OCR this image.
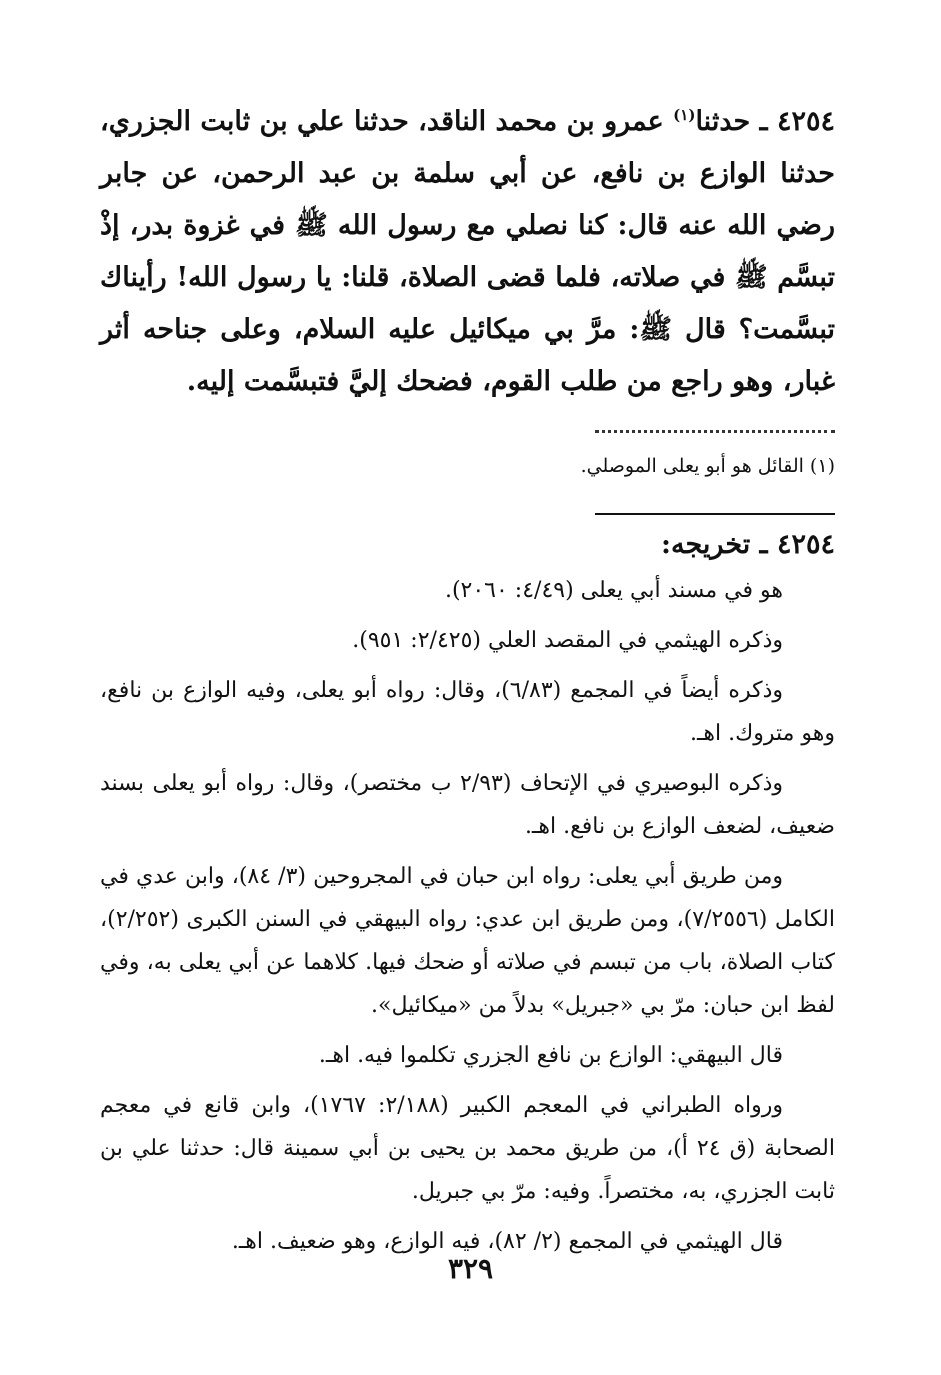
٤٢٥٤ ـ حدثنا$^{(١)}$ عمرو بن محمد الناقد، حدثنا علي بن ثابت الجزري، حدثنا الوازع بن نافع، عن أبي سلمة بن عبد الرحمن، عن جابر رضي الله عنه قال: كنا نصلي مع رسول الله ﷺ في غزوة بدر، إذْ تبسَّم ﷺ في صلاته، فلما قضى الصلاة، قلنا: يا رسول الله! رأيناك تبسَّمت؟ قال ﷺ: مرَّ بي ميكائيل عليه السلام، وعلى جناحه أثر غبار، وهو راجع من طلب القوم، فضحك إليَّ فتبسَّمت إليه.

(١) القائل هو أبو يعلى الموصلي.

٤٢٥٤ ـ تخريجه:

هو في مسند أبي يعلى (٤/٤٩: ٢٠٦٠).

وذكره الهيثمي في المقصد العلي (٢/٤٢٥: ٩٥١).

وذكره أيضاً في المجمع (٦/٨٣)، وقال: رواه أبو يعلى، وفيه الوازع بن نافع، وهو متروك. اهـ.

وذكره البوصيري في الإتحاف (٢/٩٣ ب مختصر)، وقال: رواه أبو يعلى بسند ضعيف، لضعف الوازع بن نافع. اهـ.

ومن طريق أبي يعلى: رواه ابن حبان في المجروحين (٣/ ٨٤)، وابن عدي في الكامل (٧/٢٥٥٦)، ومن طريق ابن عدي: رواه البيهقي في السنن الكبرى (٢/٢٥٢)، كتاب الصلاة، باب من تبسم في صلاته أو ضحك فيها. كلاهما عن أبي يعلى به، وفي لفظ ابن حبان: مرّ بي «جبريل» بدلاً من «ميكائيل».

قال البيهقي: الوازع بن نافع الجزري تكلموا فيه. اهـ.

ورواه الطبراني في المعجم الكبير (٢/١٨٨: ١٧٦٧)، وابن قانع في معجم الصحابة (ق ٢٤ أ)، من طريق محمد بن يحيى بن أبي سمينة قال: حدثنا علي بن ثابت الجزري، به، مختصراً. وفيه: مرّ بي جبريل.

قال الهيثمي في المجمع (٢/ ٨٢)، فيه الوازع، وهو ضعيف. اهـ.

٣٢٩
